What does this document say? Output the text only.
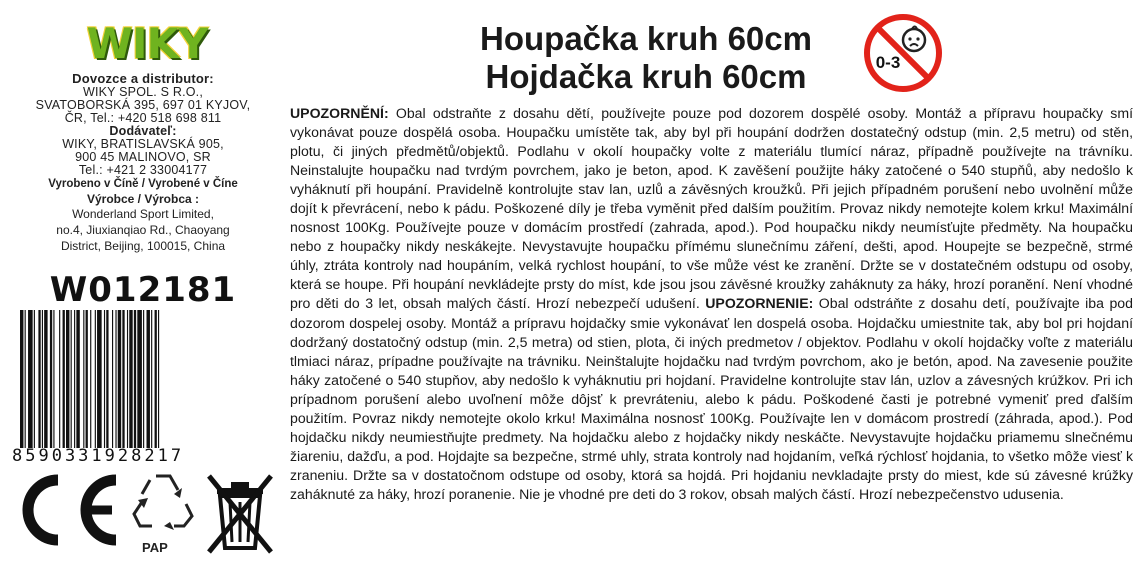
WIKY
Dovozce a distributor:
WIKY SPOL. S R.O.,
SVATOBORSKÁ 395, 697 01 KYJOV,
ČR, Tel.: +420 518 698 811
Dodávateľ:
WIKY, BRATISLAVSKÁ 905,
900 45 MALINOVO, SR
Tel.: +421 2 33004177
Vyrobeno v Číně / Vyrobené v Číne
Výrobce / Výrobca :
Wonderland Sport Limited,
no.4, Jiuxianqiao Rd., Chaoyang
District, Beijing, 100015, China
W012181
8590331928217
PAP
Houpačka kruh 60cm
Hojdačka kruh 60cm	0-3
UPOZORNĚNÍ: Obal odstraňte z dosahu dětí, používejte pouze pod dozorem dospělé osoby. Montáž a přípravu houpačky smí vykonávat pouze dospělá osoba. Houpačku umístěte tak, aby byl při houpání dodržen dostatečný odstup (min. 2,5 metru) od stěn, plotu, či jiných předmětů/objektů. Podlahu v okolí houpačky volte z materiálu tlumící náraz, případně používejte na trávníku. Neinstalujte houpačku nad tvrdým povrchem, jako je beton, apod. K zavěšení použijte háky zatočené o 540 stupňů, aby nedošlo k vyháknutí při houpání. Pravidelně kontrolujte stav lan, uzlů a závěsných kroužků. Při jejich případném porušení nebo uvolnění může dojít k převrácení, nebo k pádu. Poškozené díly je třeba vyměnit před dalším použitím. Provaz nikdy nemotejte kolem krku! Maximální nosnost 100Kg. Používejte pouze v domácím prostředí (zahrada, apod.). Pod houpačku nikdy neumísťujte předměty. Na houpačku nebo z houpačky nikdy neskákejte. Nevystavujte houpačku přímému slunečnímu záření, dešti, apod. Houpejte se bezpečně, strmé úhly, ztráta kontroly nad houpáním, velká rychlost houpání, to vše může vést ke zranění. Držte se v dostatečném odstupu od osoby, která se houpe. Při houpání nevkládejte prsty do míst, kde jsou jsou závěsné kroužky zaháknuty za háky, hrozí poranění. Není vhodné pro děti do 3 let, obsah malých částí. Hrozí nebezpečí udušení. UPOZORNENIE: Obal odstráňte z dosahu detí, používajte iba pod dozorom dospelej osoby. Montáž a prípravu hojdačky smie vykonávať len dospelá osoba. Hojdačku umiestnite tak, aby bol pri hojdaní dodržaný dostatočný odstup (min. 2,5 metra) od stien, plota, či iných predmetov / objektov. Podlahu v okolí hojdačky voľte z materiálu tlmiaci náraz, prípadne používajte na trávniku. Neinštalujte hojdačku nad tvrdým povrchom, ako je betón, apod. Na zavesenie použite háky zatočené o 540 stupňov, aby nedošlo k vyháknutiu pri hojdaní. Pravidelne kontrolujte stav lán, uzlov a závesných krúžkov. Pri ich prípadnom porušení alebo uvoľnení môže dôjsť k prevráteniu, alebo k pádu. Poškodené časti je potrebné vymeniť pred ďalším použitím. Povraz nikdy nemotejte okolo krku! Maximálna nosnosť 100Kg. Používajte len v domácom prostredí (záhrada, apod.). Pod hojdačku nikdy neumiestňujte predmety. Na hojdačku alebo z hojdačky nikdy neskáčte. Nevystavujte hojdačku priamemu slnečnému žiareniu, dažďu, a pod. Hojdajte sa bezpečne, strmé uhly, strata kontroly nad hojdaním, veľká rýchlosť hojdania, to všetko môže viesť k zraneniu. Držte sa v dostatočnom odstupe od osoby, ktorá sa hojdá. Pri hojdaniu nevkladajte prsty do miest, kde sú závesné krúžky zaháknuté za háky, hrozí poranenie. Nie je vhodné pre deti do 3 rokov, obsah malých částí. Hrozí nebezpečenstvo udusenia.
